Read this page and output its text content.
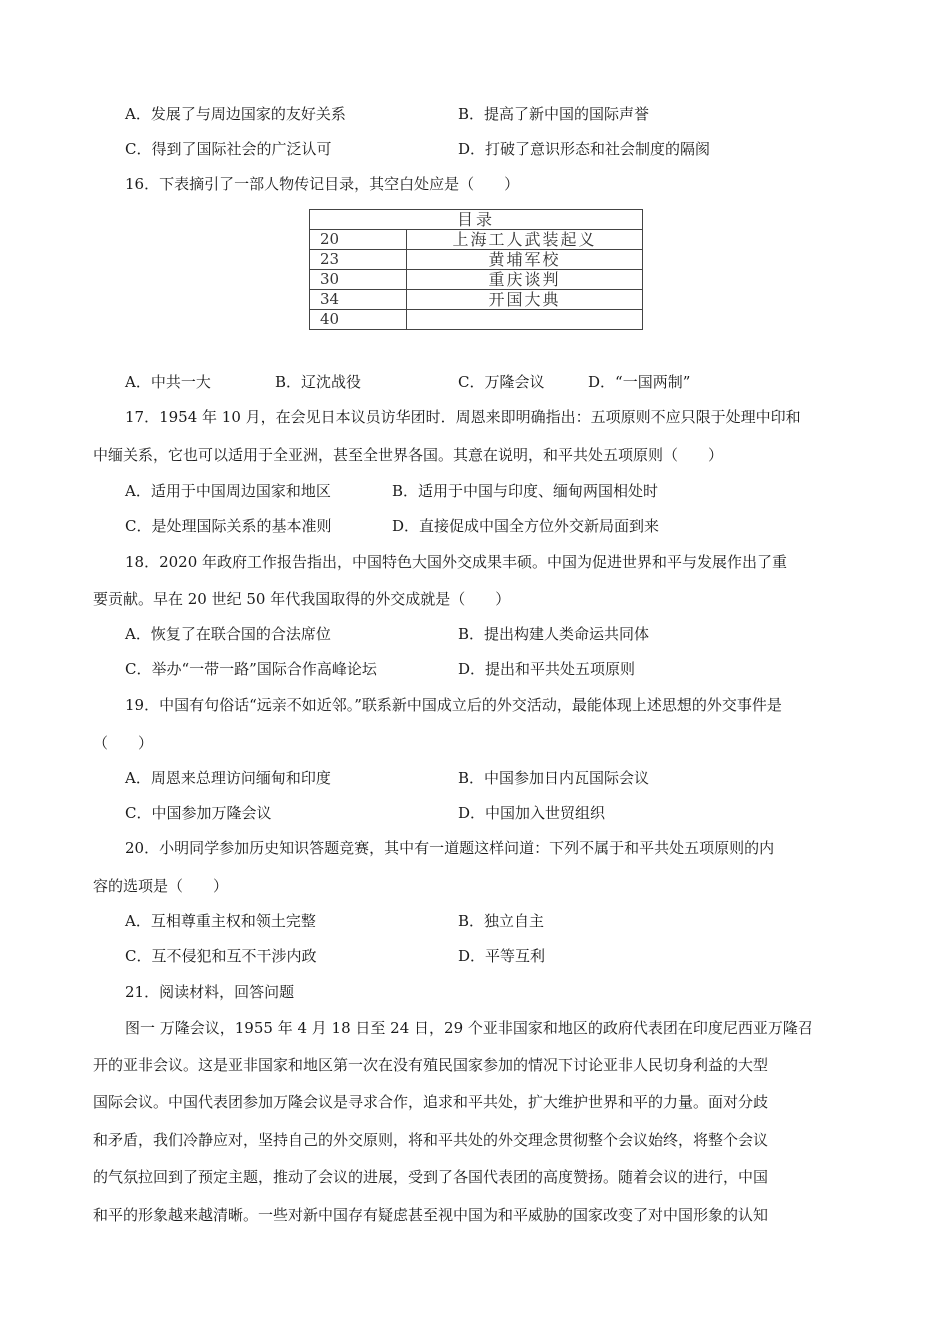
A．发展了与周边国家的友好关系	B．提高了新中国的国际声誉
C．得到了国际社会的广泛认可	D．打破了意识形态和社会制度的隔阂
16．下表摘引了一部人物传记目录，其空白处应是（　　）
目录	
20	上海工人武装起义
23	黄埔军校
30	重庆谈判
34	开国大典
40	
A．中共一大	B．辽沈战役	C．万隆会议	D．“一国两制”
17．1954 年 10 月，在会见日本议员访华团时．周恩来即明确指出：五项原则不应只限于处理中印和
中缅关系，它也可以适用于全亚洲，甚至全世界各国。其意在说明，和平共处五项原则（　　）
A．适用于中国周边国家和地区	B．适用于中国与印度、缅甸两国相处时
C．是处理国际关系的基本准则	D．直接促成中国全方位外交新局面到来
18．2020 年政府工作报告指出，中国特色大国外交成果丰硕。中国为促进世界和平与发展作出了重
要贡献。早在 20 世纪 50 年代我国取得的外交成就是（　　）
A．恢复了在联合国的合法席位	B．提出构建人类命运共同体
C．举办“一带一路”国际合作高峰论坛	D．提出和平共处五项原则
19．中国有句俗话“远亲不如近邻。”联系新中国成立后的外交活动，最能体现上述思想的外交事件是
（　　）
A．周恩来总理访问缅甸和印度	B．中国参加日内瓦国际会议
C．中国参加万隆会议	D．中国加入世贸组织
20．小明同学参加历史知识答题竞赛，其中有一道题这样问道：下列不属于和平共处五项原则的内
容的选项是（　　）
A．互相尊重主权和领土完整	B．独立自主
C．互不侵犯和互不干涉内政	D．平等互利
21．阅读材料，回答问题
图一 万隆会议，1955 年 4 月 18 日至 24 日，29 个亚非国家和地区的政府代表团在印度尼西亚万隆召
开的亚非会议。这是亚非国家和地区第一次在没有殖民国家参加的情况下讨论亚非人民切身利益的大型
国际会议。中国代表团参加万隆会议是寻求合作，追求和平共处，扩大维护世界和平的力量。面对分歧
和矛盾，我们冷静应对，坚持自己的外交原则，将和平共处的外交理念贯彻整个会议始终，将整个会议
的气氛拉回到了预定主题，推动了会议的进展，受到了各国代表团的高度赞扬。随着会议的进行，中国
和平的形象越来越清晰。一些对新中国存有疑虑甚至视中国为和平威胁的国家改变了对中国形象的认知
